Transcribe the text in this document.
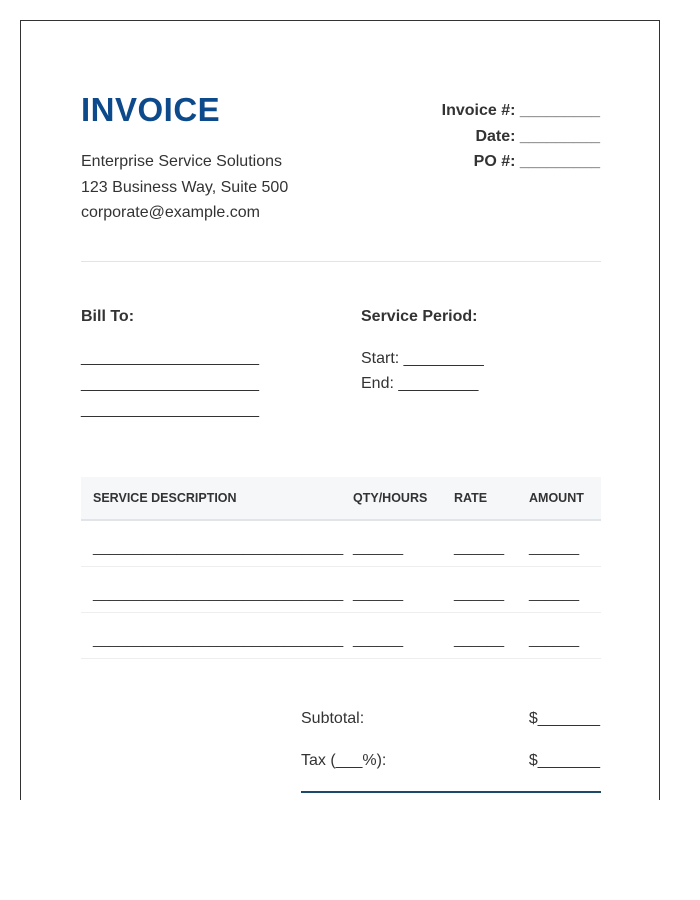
INVOICE
Enterprise Service Solutions
123 Business Way, Suite 500
corporate@example.com
Invoice #: _________
Date: _________
PO #: _________
Bill To:
____________________
____________________
____________________
Service Period:
Start: _________
End: _________
SERVICE DESCRIPTION	QTY/HOURS RATE	AMOUNT
______________________________ ______	______ ______
______________________________ ______	______ ______
______________________________ ______	______ ______
Subtotal:	$_______
Tax (___%):	$_______
